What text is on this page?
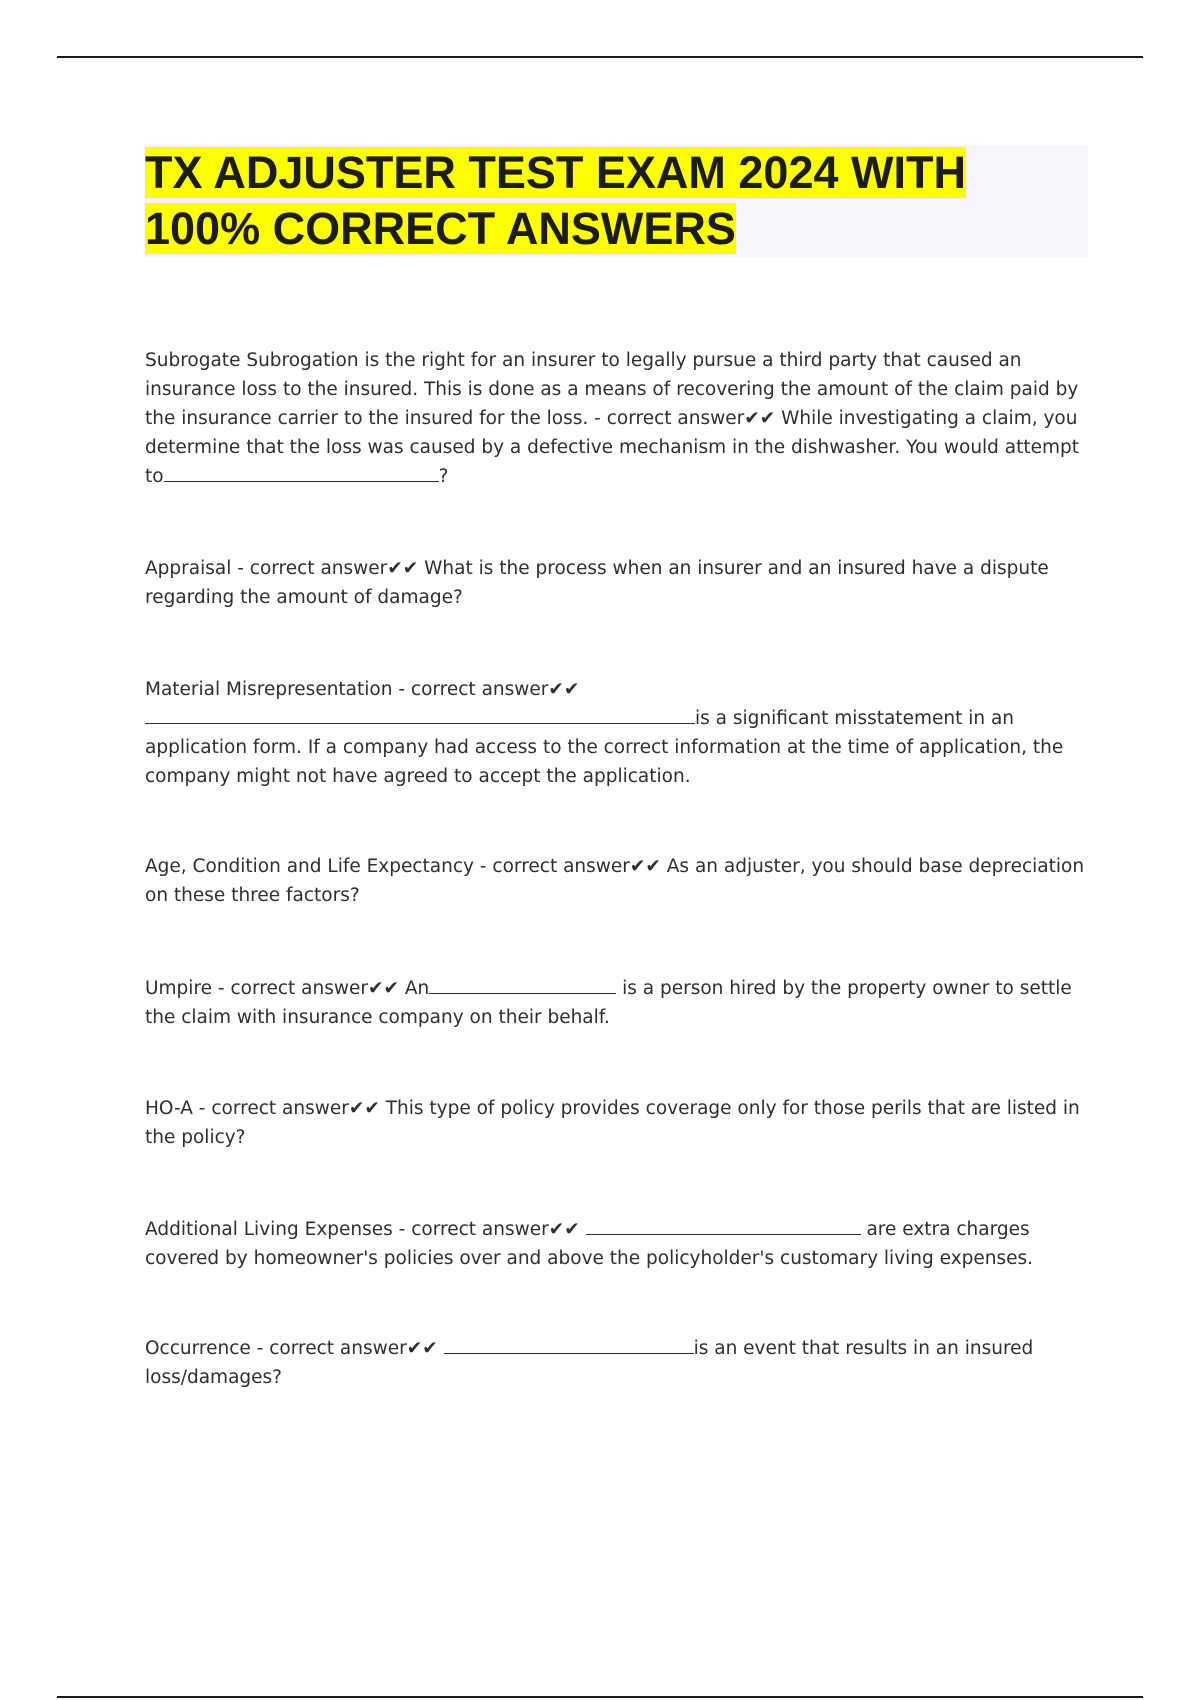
TX ADJUSTER TEST EXAM 2024 WITH
100% CORRECT ANSWERS

Subrogate Subrogation is the right for an insurer to legally pursue a third party that caused an insurance loss to the insured. This is done as a means of recovering the amount of the claim paid by the insurance carrier to the insured for the loss. - correct answer✔✔ While investigating a claim, you determine that the loss was caused by a defective mechanism in the dishwasher. You would attempt to	?

Appraisal - correct answer✔✔ What is the process when an insurer and an insured have a dispute regarding the amount of damage?

Material Misrepresentation - correct answer✔✔
is a significant misstatement in an application form. If a company had access to the correct information at the time of application, the company might not have agreed to accept the application.

Age, Condition and Life Expectancy - correct answer✔✔ As an adjuster, you should base depreciation on these three factors?

Umpire - correct answer✔✔ An	is a person hired by the property owner to settle the claim with insurance company on their behalf.

HO-A - correct answer✔✔ This type of policy provides coverage only for those perils that are listed in the policy?

Additional Living Expenses - correct answer✔✔	are extra charges covered by homeowner's policies over and above the policyholder's customary living expenses.

Occurrence - correct answer✔✔	is an event that results in an insured loss/damages?
